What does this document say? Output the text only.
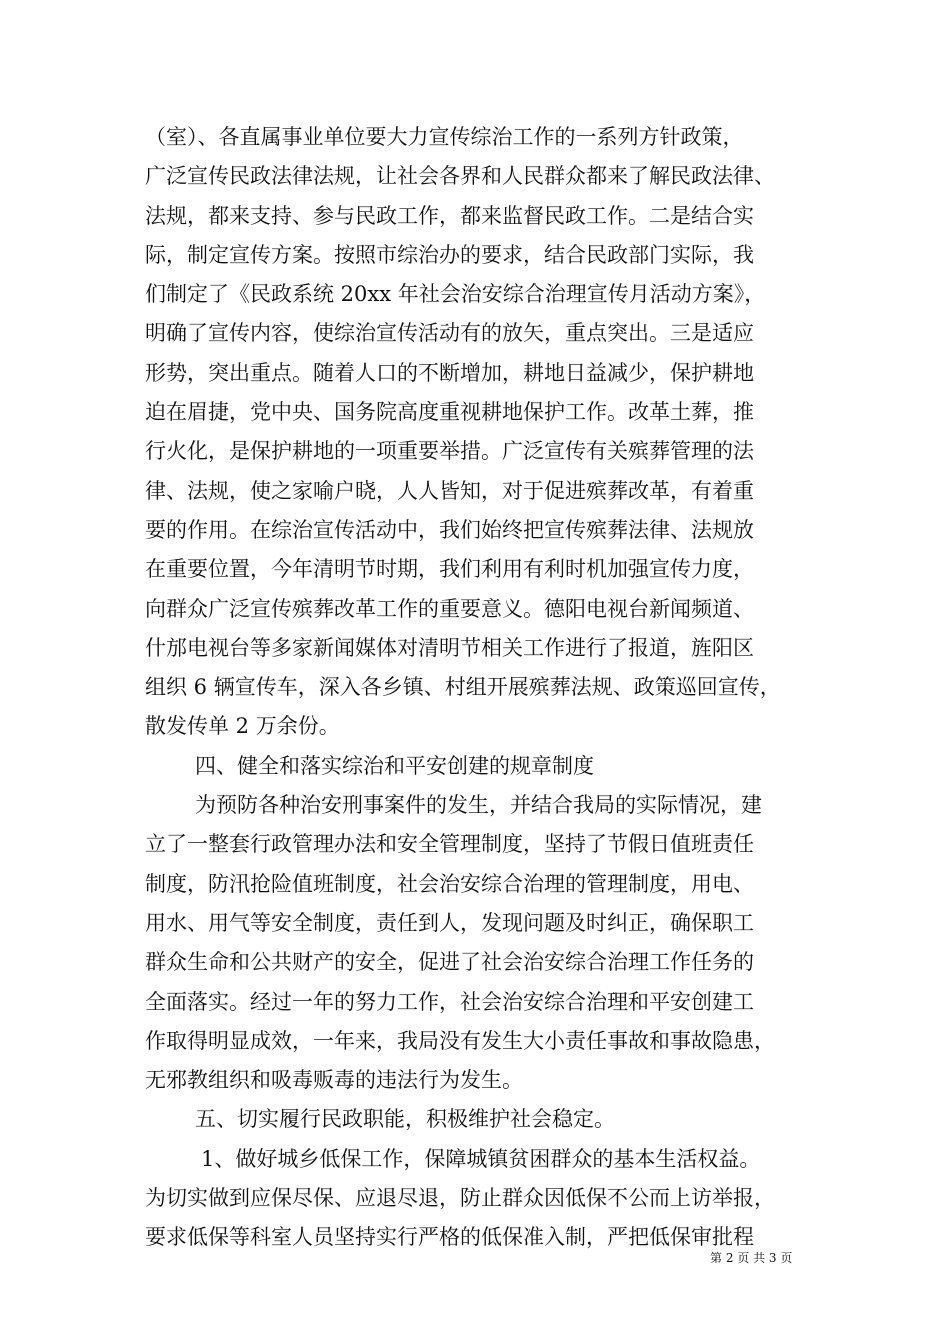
（室）、各直属事业单位要大力宣传综治工作的一系列方针政策，
广泛宣传民政法律法规，让社会各界和人民群众都来了解民政法律、
法规，都来支持、参与民政工作，都来监督民政工作。二是结合实
际，制定宣传方案。按照市综治办的要求，结合民政部门实际，我
们制定了《民政系统 20xx 年社会治安综合治理宣传月活动方案》，
明确了宣传内容，使综治宣传活动有的放矢，重点突出。三是适应
形势，突出重点。随着人口的不断增加，耕地日益减少，保护耕地
迫在眉捷，党中央、国务院高度重视耕地保护工作。改革土葬，推
行火化，是保护耕地的一项重要举措。广泛宣传有关殡葬管理的法
律、法规，使之家喻户晓，人人皆知，对于促进殡葬改革，有着重
要的作用。在综治宣传活动中，我们始终把宣传殡葬法律、法规放
在重要位置，今年清明节时期，我们利用有利时机加强宣传力度，
向群众广泛宣传殡葬改革工作的重要意义。德阳电视台新闻频道、
什邡电视台等多家新闻媒体对清明节相关工作进行了报道，旌阳区
组织 6 辆宣传车，深入各乡镇、村组开展殡葬法规、政策巡回宣传，
散发传单 2 万余份。
四、健全和落实综治和平安创建的规章制度
为预防各种治安刑事案件的发生，并结合我局的实际情况，建
立了一整套行政管理办法和安全管理制度，坚持了节假日值班责任
制度，防汛抢险值班制度，社会治安综合治理的管理制度，用电、
用水、用气等安全制度，责任到人，发现问题及时纠正，确保职工
群众生命和公共财产的安全，促进了社会治安综合治理工作任务的
全面落实。经过一年的努力工作，社会治安综合治理和平安创建工
作取得明显成效，一年来，我局没有发生大小责任事故和事故隐患，
无邪教组织和吸毒贩毒的违法行为发生。
五、切实履行民政职能，积极维护社会稳定。
1、做好城乡低保工作，保障城镇贫困群众的基本生活权益。
为切实做到应保尽保、应退尽退，防止群众因低保不公而上访举报，
要求低保等科室人员坚持实行严格的低保准入制，严把低保审批程
第 2 页 共 3 页
